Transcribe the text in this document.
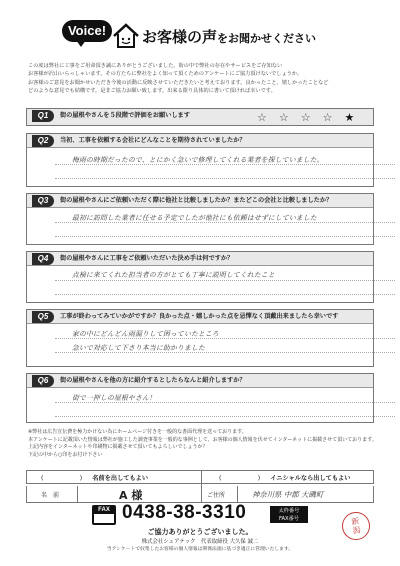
Voice!	お客様の声をお聞かせください
この度は弊社に工事をご用命頂き誠にありがとうございました。街の中で弊社の存在やサービスをご存知ない
お客様が沢山いらっしゃいます。その方たちに弊社をよく知って頂くためのアンケートにご協力頂けないでしょうか。
お客様のご意見をお聞かせいただき今後の活動に反映させていただきたいと考えております。良かったこと、嬉しかったことなど
どのような意見でも結構です。是非ご協力お願い致します。出来る限り具体的に書いて頂ければ幸いです。
Q1	街の屋根やさんを５段階で評価をお願いします	☆☆☆☆★
Q2	当初、工事を依頼する会社にどんなことを期待されていましたか？
梅雨の時期だったので、とにかく急いで修理してくれる業者を探していました。
Q3	街の屋根やさんにご依頼いただく際に他社と比較しましたか？またどこの会社と比較しましたか？
最初に訪問した業者に任せる予定でしたが他社にも依頼はせずにしていました
Q4	街の屋根やさんに工事をご依頼いただいた決め手は何ですか？
点検に来てくれた担当者の方がとても丁寧に説明してくれたこと
Q5	工事が終わってみていかがですか？良かった点・嬉しかった点を忌憚なく頂戴出来ましたら幸いです
家の中にどんどん雨漏りして困っていたところ
急いで対応して下さり本当に助かりました
Q6	街の屋根やさんを他の方に紹介するとしたらなんと紹介しますか？
街で一押しの屋根やさん！
※弊社は広告宣伝費を極力かけない為にホームページ付きを一般的な書面代理を送っております。
本アンケートに記載頂いた情報は弊社が施工した調査事業を一般的な事例として、お客様の個人情報を伏せてインターネットに掲載させて頂いております。
上記内容をインターネットや印刷物に掲載させて頂いてもよろしいでしょうか？
下記の中から○印をお付け下さい
(　　) 名前を出してもよい	(　　) イニシャルなら出してもよい
名　前	A 様	ご住所	神奈川県 中郡 大磯町
FAX 0438-38-3310	太枠番号
FAX番号
ご協力ありがとうございました。
株式会社シェアテック　代表取締役 大久保 誠二
当アンケートで収集したお客様の個人情報は関係法規に基づき適正に管理いたします。
新
潟
